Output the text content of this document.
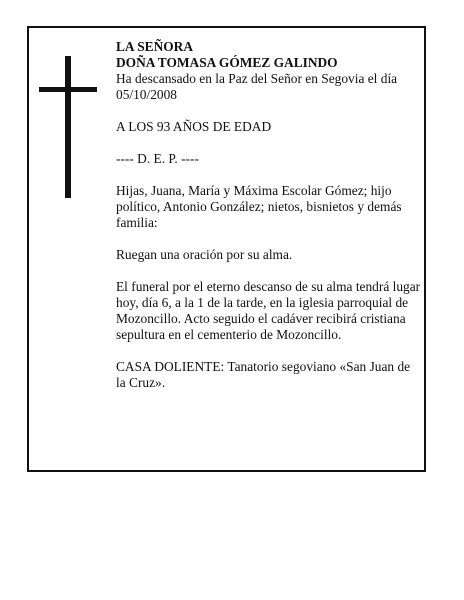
LA SEÑORA

DOÑA TOMASA GÓMEZ GALINDO

Ha descansado en la Paz del Señor en Segovia el día 05/10/2008

A LOS 93 AÑOS DE EDAD

---- D. E. P. ----

Hijas, Juana, María y Máxima Escolar Gómez; hijo político, Antonio González; nietos, bisnietos y demás familia:

Ruegan una oración por su alma.

El funeral por el eterno descanso de su alma tendrá lugar hoy, día 6, a la 1 de la tarde, en la iglesia parroquial de Mozoncillo. Acto seguido el cadáver recibirá cristiana sepultura en el cementerio de Mozoncillo.

CASA DOLIENTE: Tanatorio segoviano «San Juan de la Cruz».
